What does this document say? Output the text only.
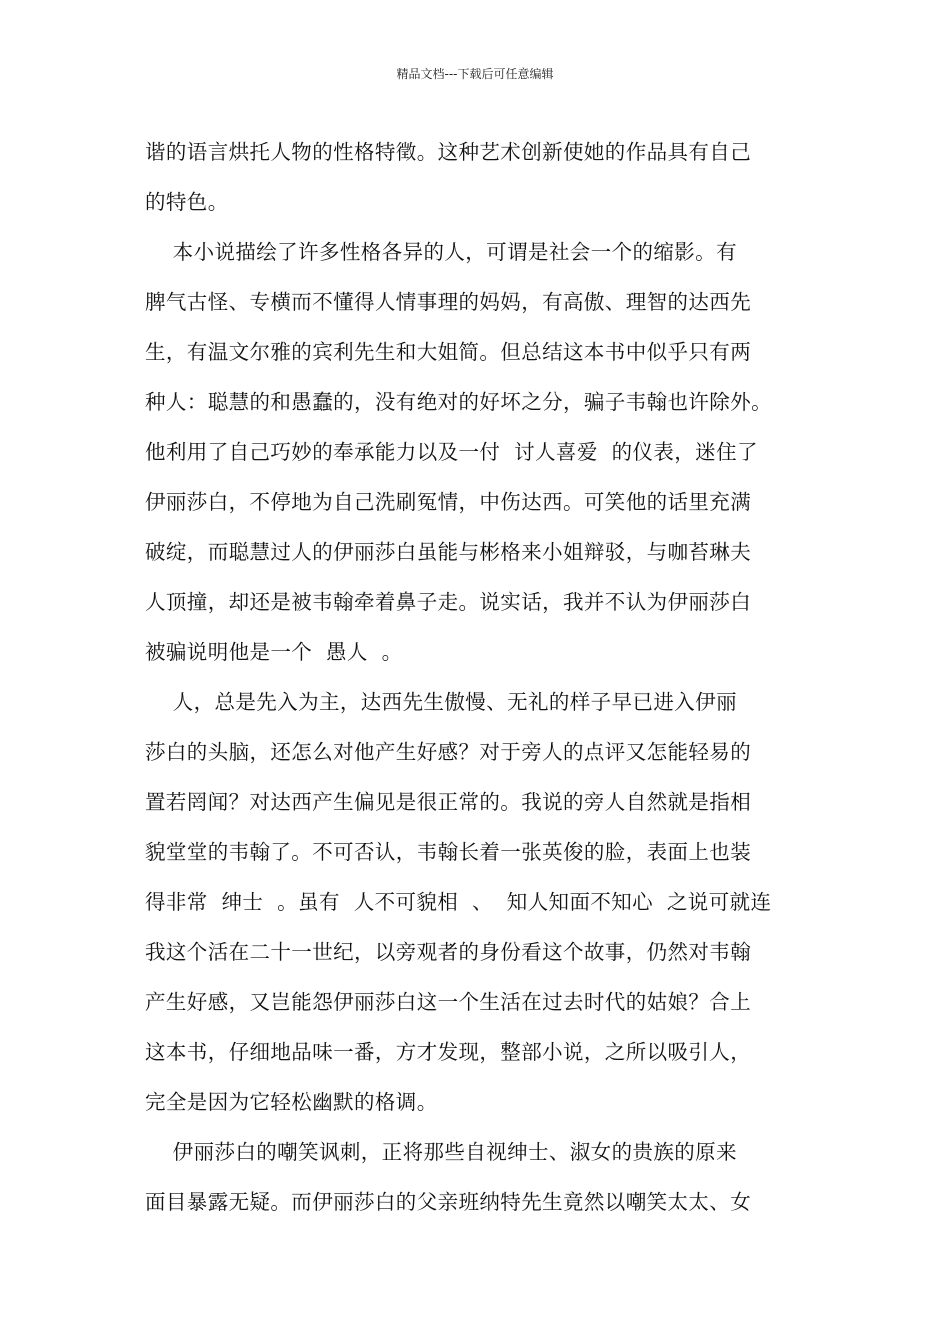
精品文档---下载后可任意编辑
谐的语言烘托人物的性格特徵。这种艺术创新使她的作品具有自己
的特色。
本小说描绘了许多性格各异的人，可谓是社会一个的缩影。有
脾气古怪、专横而不懂得人情事理的妈妈，有高傲、理智的达西先
生，有温文尔雅的宾利先生和大姐简。但总结这本书中似乎只有两
种人：聪慧的和愚蠢的，没有绝对的好坏之分，骗子韦翰也许除外。
他利用了自己巧妙的奉承能力以及一付  讨人喜爱  的仪表，迷住了
伊丽莎白，不停地为自己洗刷冤情，中伤达西。可笑他的话里充满
破绽，而聪慧过人的伊丽莎白虽能与彬格来小姐辩驳，与咖苔琳夫
人顶撞，却还是被韦翰牵着鼻子走。说实话，我并不认为伊丽莎白
被骗说明他是一个  愚人  。
人，总是先入为主，达西先生傲慢、无礼的样子早已进入伊丽
莎白的头脑，还怎么对他产生好感？对于旁人的点评又怎能轻易的
置若罔闻？对达西产生偏见是很正常的。我说的旁人自然就是指相
貌堂堂的韦翰了。不可否认，韦翰长着一张英俊的脸，表面上也装
得非常  绅士  。虽有  人不可貌相  、  知人知面不知心  之说可就连
我这个活在二十一世纪，以旁观者的身份看这个故事，仍然对韦翰
产生好感，又岂能怨伊丽莎白这一个生活在过去时代的姑娘？合上
这本书，仔细地品味一番，方才发现，整部小说，之所以吸引人，
完全是因为它轻松幽默的格调。
伊丽莎白的嘲笑讽刺，正将那些自视绅士、淑女的贵族的原来
面目暴露无疑。而伊丽莎白的父亲班纳特先生竟然以嘲笑太太、女
